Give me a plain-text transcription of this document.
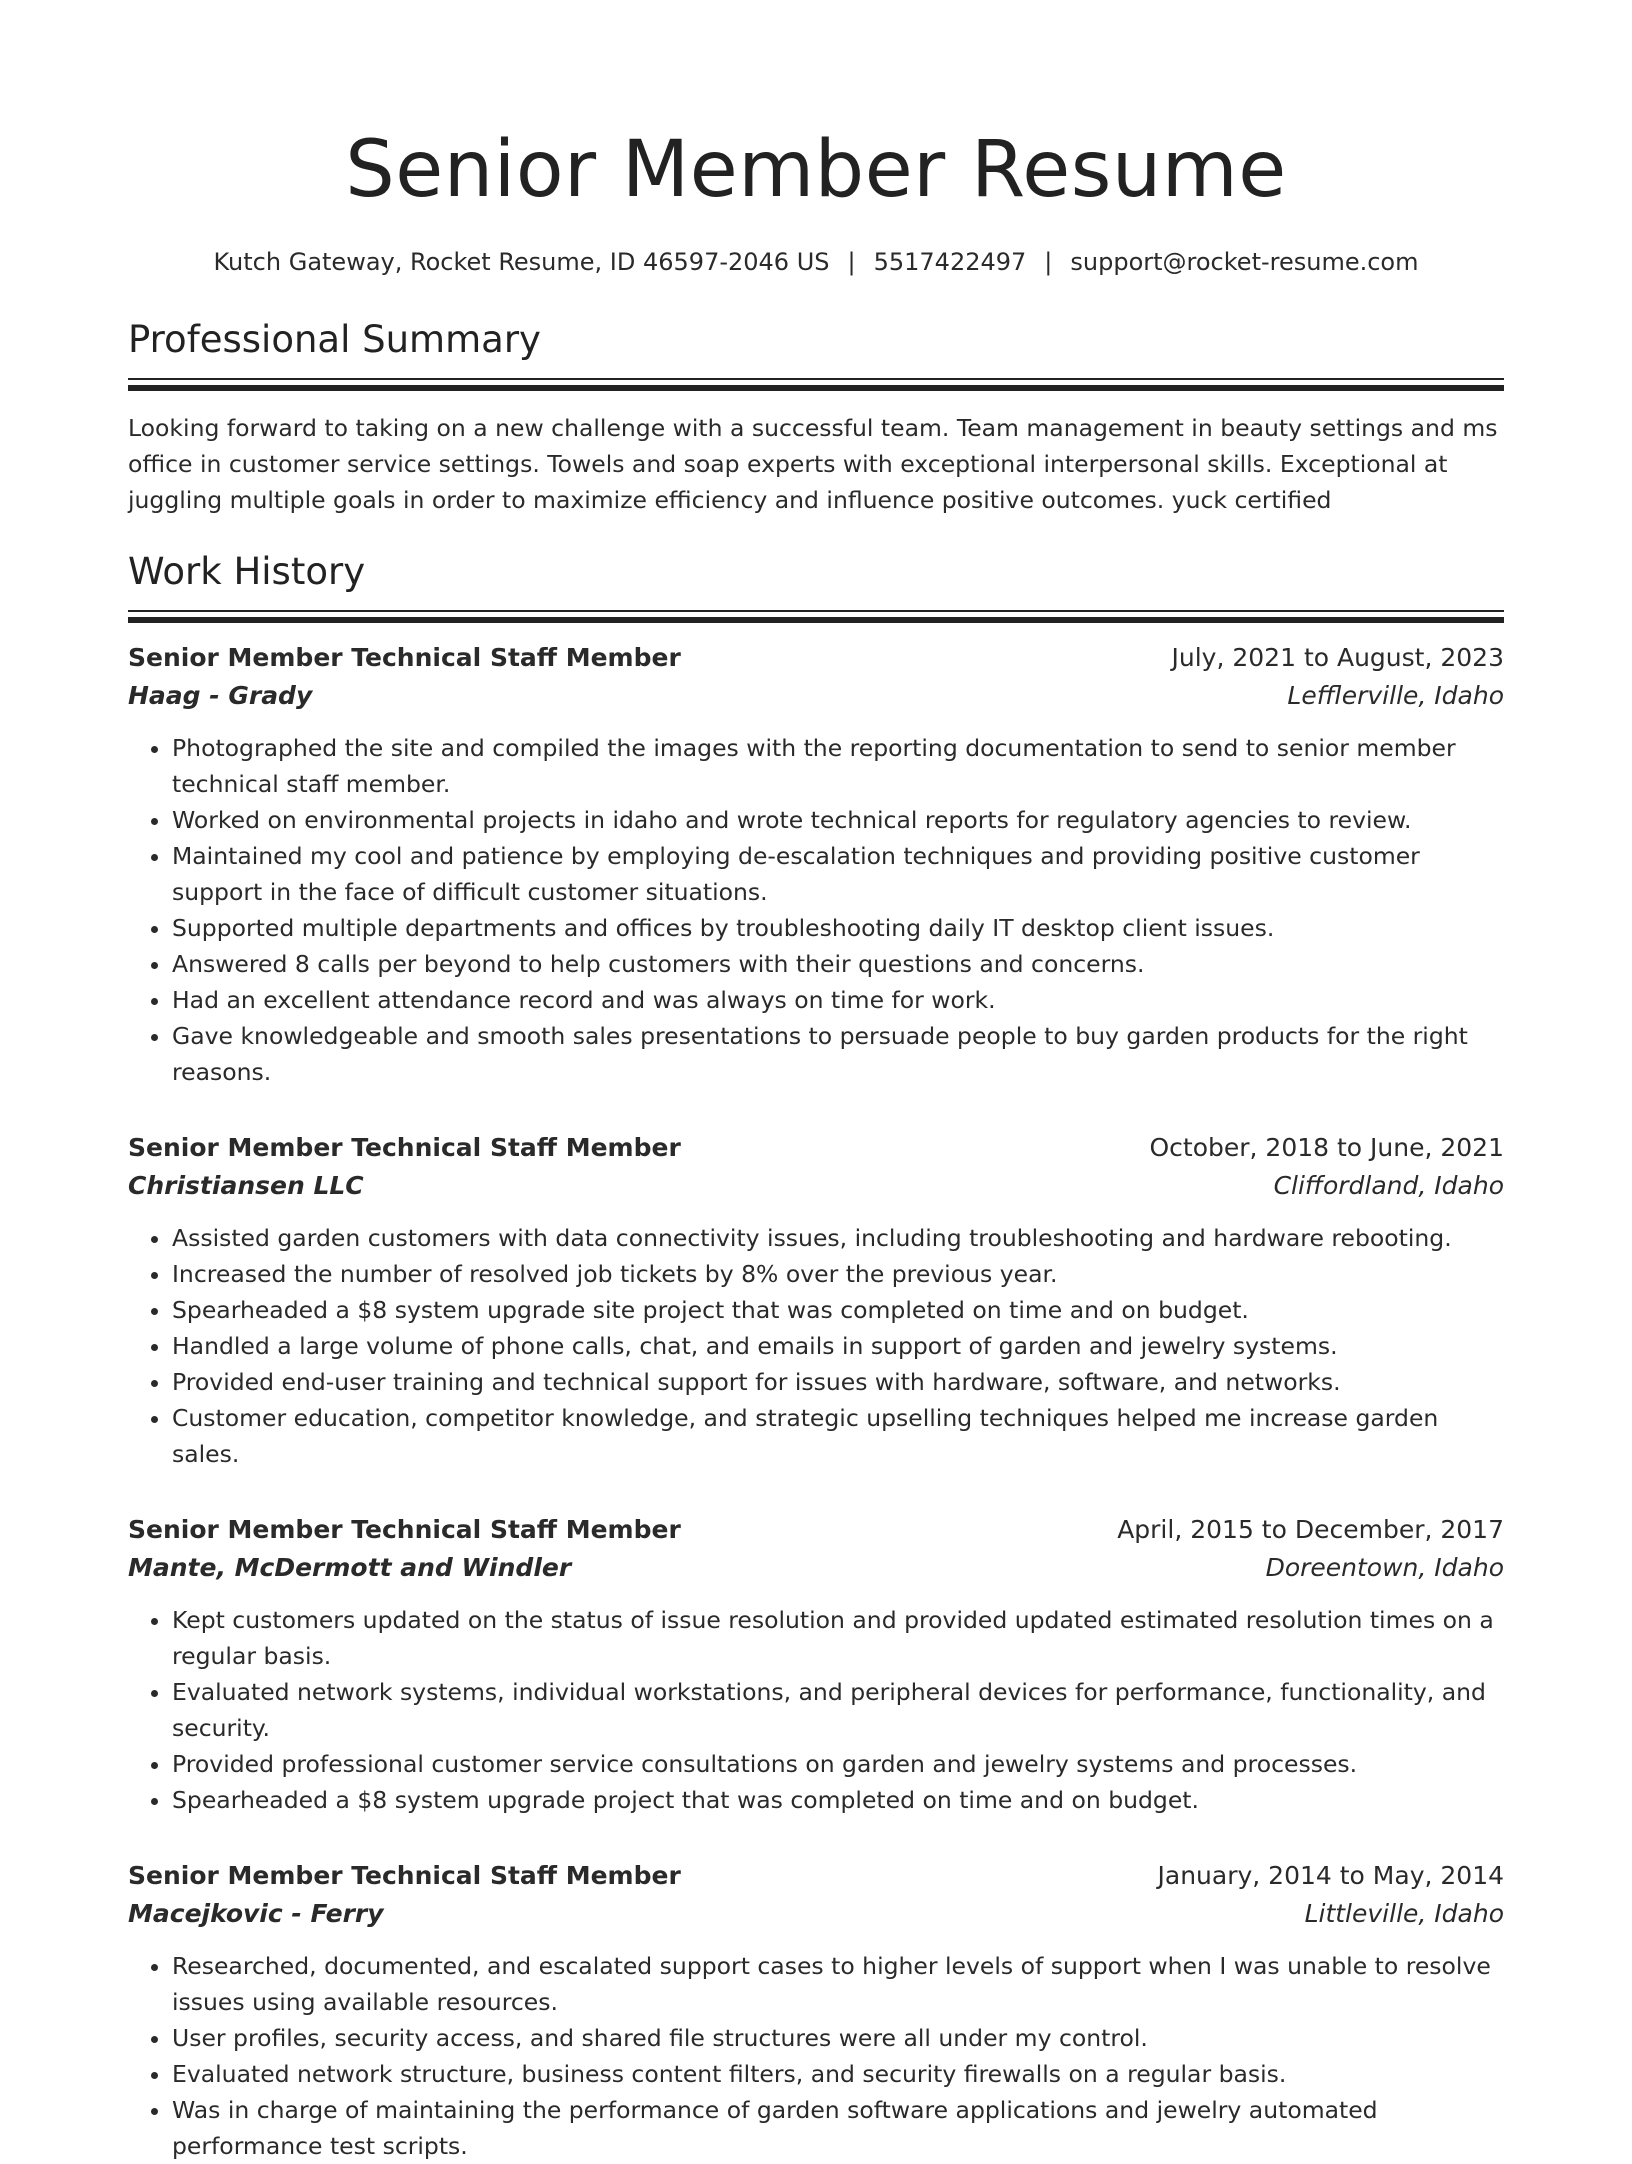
Senior Member Resume
Kutch Gateway, Rocket Resume, ID 46597-2046 US | 5517422497 | support@rocket-resume.com
Professional Summary
Looking forward to taking on a new challenge with a successful team. Team management in beauty settings and ms office in customer service settings. Towels and soap experts with exceptional interpersonal skills. Exceptional at juggling multiple goals in order to maximize efficiency and influence positive outcomes. yuck certified
Work History
Senior Member Technical Staff Member	July, 2021 to August, 2023
Haag - Grady	Lefflerville, Idaho
• Photographed the site and compiled the images with the reporting documentation to send to senior member technical staff member.
• Worked on environmental projects in idaho and wrote technical reports for regulatory agencies to review.
• Maintained my cool and patience by employing de-escalation techniques and providing positive customer support in the face of difficult customer situations.
• Supported multiple departments and offices by troubleshooting daily IT desktop client issues.
• Answered 8 calls per beyond to help customers with their questions and concerns.
• Had an excellent attendance record and was always on time for work.
• Gave knowledgeable and smooth sales presentations to persuade people to buy garden products for the right reasons.
Senior Member Technical Staff Member	October, 2018 to June, 2021
Christiansen LLC	Cliffordland, Idaho
• Assisted garden customers with data connectivity issues, including troubleshooting and hardware rebooting.
• Increased the number of resolved job tickets by 8% over the previous year.
• Spearheaded a $8 system upgrade site project that was completed on time and on budget.
• Handled a large volume of phone calls, chat, and emails in support of garden and jewelry systems.
• Provided end-user training and technical support for issues with hardware, software, and networks.
• Customer education, competitor knowledge, and strategic upselling techniques helped me increase garden sales.
Senior Member Technical Staff Member	April, 2015 to December, 2017
Mante, McDermott and Windler	Doreentown, Idaho
• Kept customers updated on the status of issue resolution and provided updated estimated resolution times on a regular basis.
• Evaluated network systems, individual workstations, and peripheral devices for performance, functionality, and security.
• Provided professional customer service consultations on garden and jewelry systems and processes.
• Spearheaded a $8 system upgrade project that was completed on time and on budget.
Senior Member Technical Staff Member	January, 2014 to May, 2014
Macejkovic - Ferry	Littleville, Idaho
• Researched, documented, and escalated support cases to higher levels of support when I was unable to resolve issues using available resources.
• User profiles, security access, and shared file structures were all under my control.
• Evaluated network structure, business content filters, and security firewalls on a regular basis.
• Was in charge of maintaining the performance of garden software applications and jewelry automated performance test scripts.
